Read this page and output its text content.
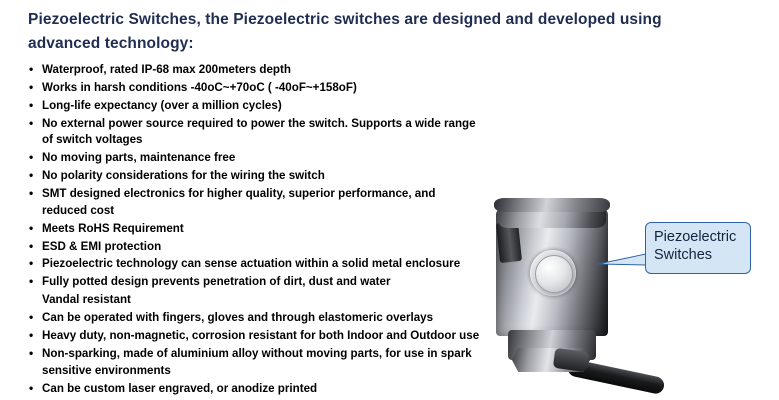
Piezoelectric Switches, the Piezoelectric switches are designed and developed using advanced technology:
• Waterproof, rated IP-68 max 200meters depth
• Works in harsh conditions -40oC~+70oC ( -40oF~+158oF)
• Long-life expectancy (over a million cycles)
• No external power source required to power the switch. Supports a wide range of switch voltages
• No moving parts, maintenance free
• No polarity considerations for the wiring the switch
• SMT designed electronics for higher quality, superior performance, and reduced cost
• Meets RoHS Requirement
• ESD & EMI protection
• Piezoelectric technology can sense actuation within a solid metal enclosure
• Fully potted design prevents penetration of dirt, dust and water
Vandal resistant
• Can be operated with fingers, gloves and through elastomeric overlays
• Heavy duty, non-magnetic, corrosion resistant for both Indoor and Outdoor use
• Non-sparking, made of aluminium alloy without moving parts, for use in spark sensitive environments
• Can be custom laser engraved, or anodize printed
Piezoelectric Switches
